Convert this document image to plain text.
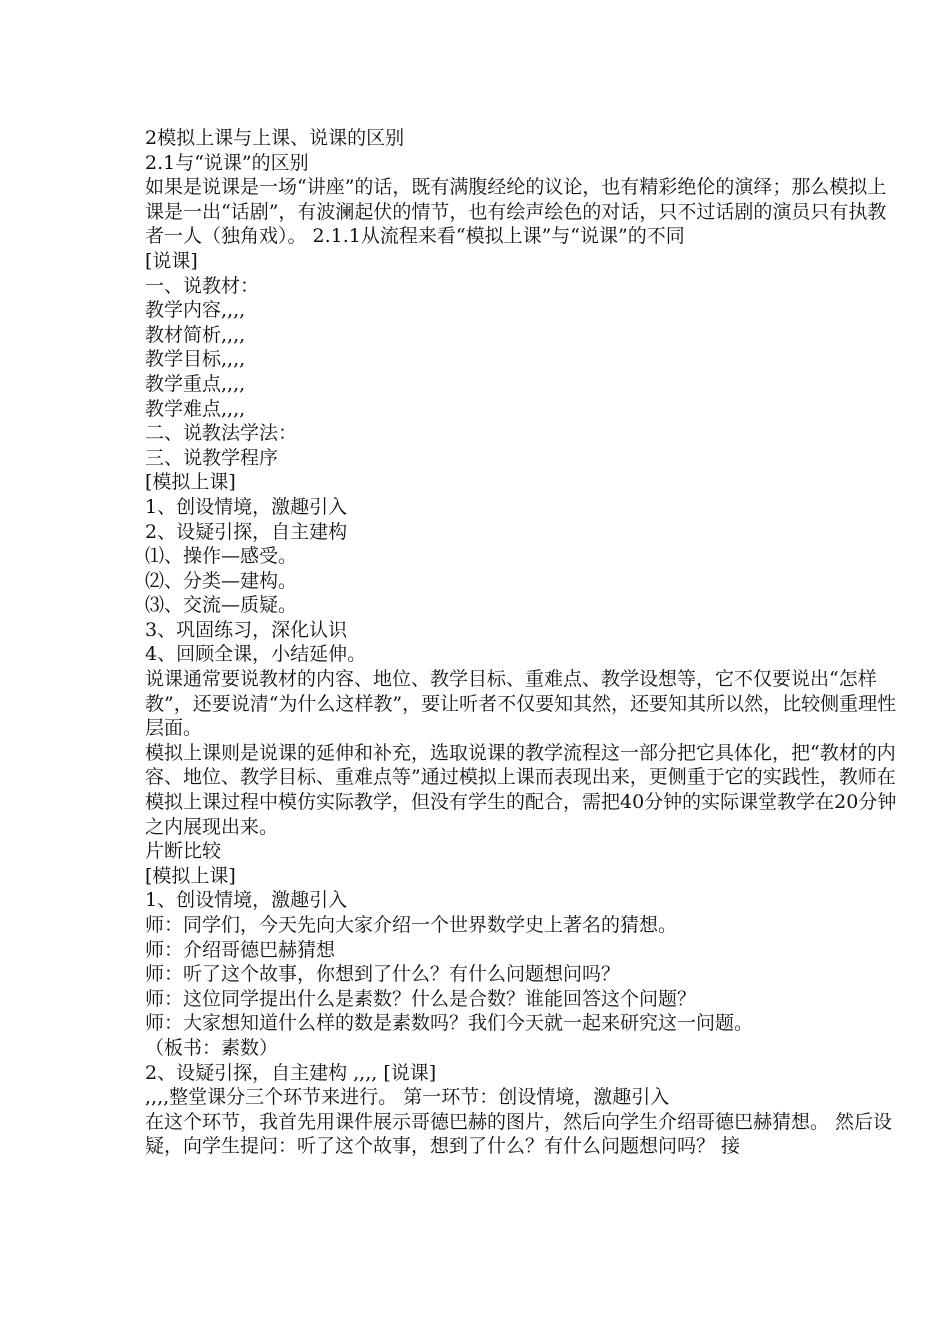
2模拟上课与上课、说课的区别
2.1与“说课”的区别
如果是说课是一场“讲座”的话，既有满腹经纶的议论，也有精彩绝伦的演绎；那么模拟上课是一出“话剧”，有波澜起伏的情节，也有绘声绘色的对话，只不过话剧的演员只有执教者一人（独角戏）。 2.1.1从流程来看“模拟上课”与“说课”的不同
[说课]
一、说教材：
教学内容,,,,
教材简析,,,,
教学目标,,,,
教学重点,,,,
教学难点,,,,
二、说教法学法：
三、说教学程序
[模拟上课]
1、创设情境，激趣引入
2、设疑引探，自主建构
⑴、操作—感受。
⑵、分类—建构。
⑶、交流—质疑。
3、巩固练习，深化认识
4、回顾全课，小结延伸。
说课通常要说教材的内容、地位、教学目标、重难点、教学设想等，它不仅要说出“怎样教”，还要说清“为什么这样教”，要让听者不仅要知其然，还要知其所以然，比较侧重理性层面。
模拟上课则是说课的延伸和补充，选取说课的教学流程这一部分把它具体化，把“教材的内容、地位、教学目标、重难点等”通过模拟上课而表现出来，更侧重于它的实践性，教师在模拟上课过程中模仿实际教学，但没有学生的配合，需把40分钟的实际课堂教学在20分钟之内展现出来。
片断比较
[模拟上课]
1、创设情境，激趣引入
师：同学们，今天先向大家介绍一个世界数学史上著名的猜想。
师：介绍哥德巴赫猜想
师：听了这个故事，你想到了什么？有什么问题想问吗？
师：这位同学提出什么是素数？什么是合数？谁能回答这个问题？
师：大家想知道什么样的数是素数吗？我们今天就一起来研究这一问题。
（板书：素数）
2、设疑引探，自主建构 ,,,, [说课]
,,,,整堂课分三个环节来进行。 第一环节：创设情境，激趣引入
在这个环节，我首先用课件展示哥德巴赫的图片，然后向学生介绍哥德巴赫猜想。 然后设疑，向学生提问：听了这个故事，想到了什么？有什么问题想问吗？ 接
